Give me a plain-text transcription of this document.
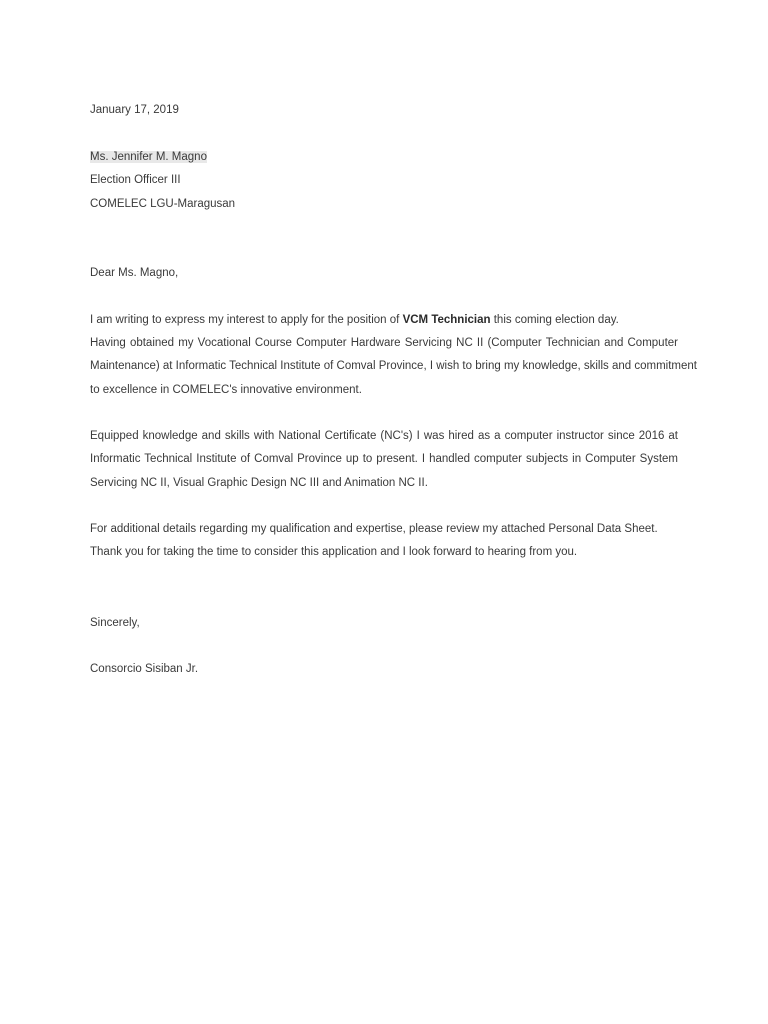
January 17, 2019
Ms. Jennifer M. Magno
Election Officer III
COMELEC LGU-Maragusan
Dear Ms. Magno,
I am writing to express my interest to apply for the position of VCM Technician this coming election day.
Having obtained my Vocational Course Computer Hardware Servicing NC II (Computer Technician and Computer
Maintenance) at Informatic Technical Institute of Comval Province, I wish to bring my knowledge, skills and commitment
to excellence in COMELEC's innovative environment.
Equipped knowledge and skills with National Certificate (NC's) I was hired as a computer instructor since 2016 at
Informatic Technical Institute of Comval Province up to present. I handled computer subjects in Computer System
Servicing NC II, Visual Graphic Design NC III and Animation NC II.
For additional details regarding my qualification and expertise, please review my attached Personal Data Sheet.
Thank you for taking the time to consider this application and I look forward to hearing from you.
Sincerely,
Consorcio Sisiban Jr.
